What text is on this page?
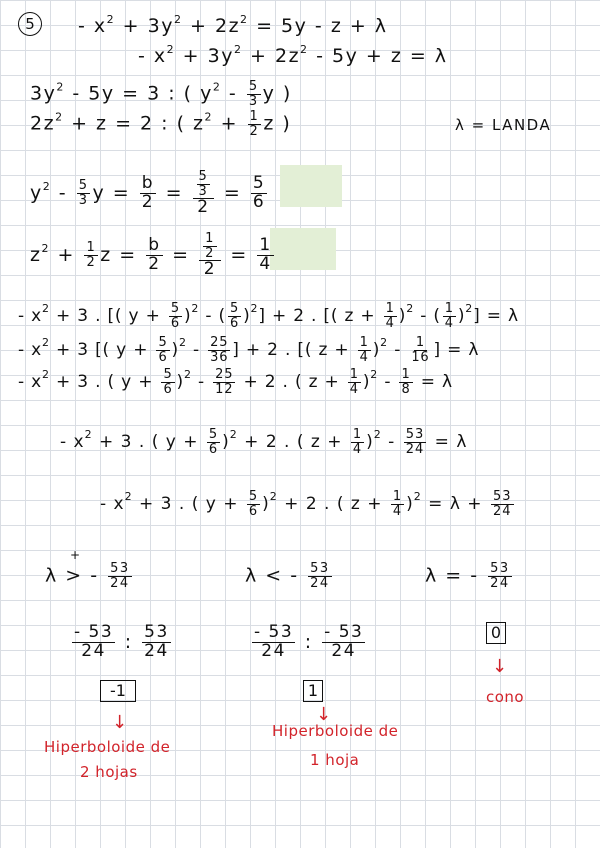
5	- $x^2 + 3y^2 + 2z^2 = 5y - z + \lambda$
- $x^2 + 3y^2 + 2z^2 - 5y + z = \lambda$
$3y^2 - 5y = 3$ : ( $y^2 - \frac{5}{3}$ y )
$2z^2 + z = 2$ : ( $z^2 + \frac{1}{2}$ z )	λ = LANDA
$y^2 - \frac{5}{3}$ $y = \frac{b}{2} = \frac{\frac{5}{3}}{2} = \frac{5}{6}$
$z^2 + \frac{1}{2}$ $z = \frac{b}{2} = \frac{\frac{1}{2}}{2} = \frac{1}{4}$
- $x^2 + 3$ . [( $y + \frac{5}{6} )^2$ - ( $\frac{5}{6} )^2] + 2$ . [( $z + \frac{1}{4} )^2$ - ( $\frac{1}{4} )^2] = \lambda$
- $x^2 + 3$ [( $y + \frac{5}{6} )^2 - \frac{25}{36}$ ] + 2 . [( $z + \frac{1}{4} )^2 - \frac{1}{16}$ ] = λ
- $x^2 + 3$ . ( $y + \frac{5}{6} )^2 - \frac{25}{12} + 2$ . ( $z + \frac{1}{4} )^2 - \frac{1}{8} = \lambda$
- $x^2 + 3$ . ( $y + \frac{5}{6} )^2 + 2$ . ( $z + \frac{1}{4} )^2 - \frac{53}{24} = \lambda$
- $x^2 + 3$ . ( $y + \frac{5}{6} )^2 + 2$ . ( $z + \frac{1}{4} )^2 = \lambda + \frac{53}{24}$
λ > - $\frac{53}{24}$
+
λ < - $\frac{53}{24}$	λ = - $\frac{53}{24}$
$\frac{- 53}{24}$ : $\frac{53}{24}$	$\frac{- 53}{24}$ : $\frac{- 53}{24}$
-1	1
0
↓	↓
↓
Hiperboloide de
2 hojas
Hiperboloide de
1 hoja
cono
